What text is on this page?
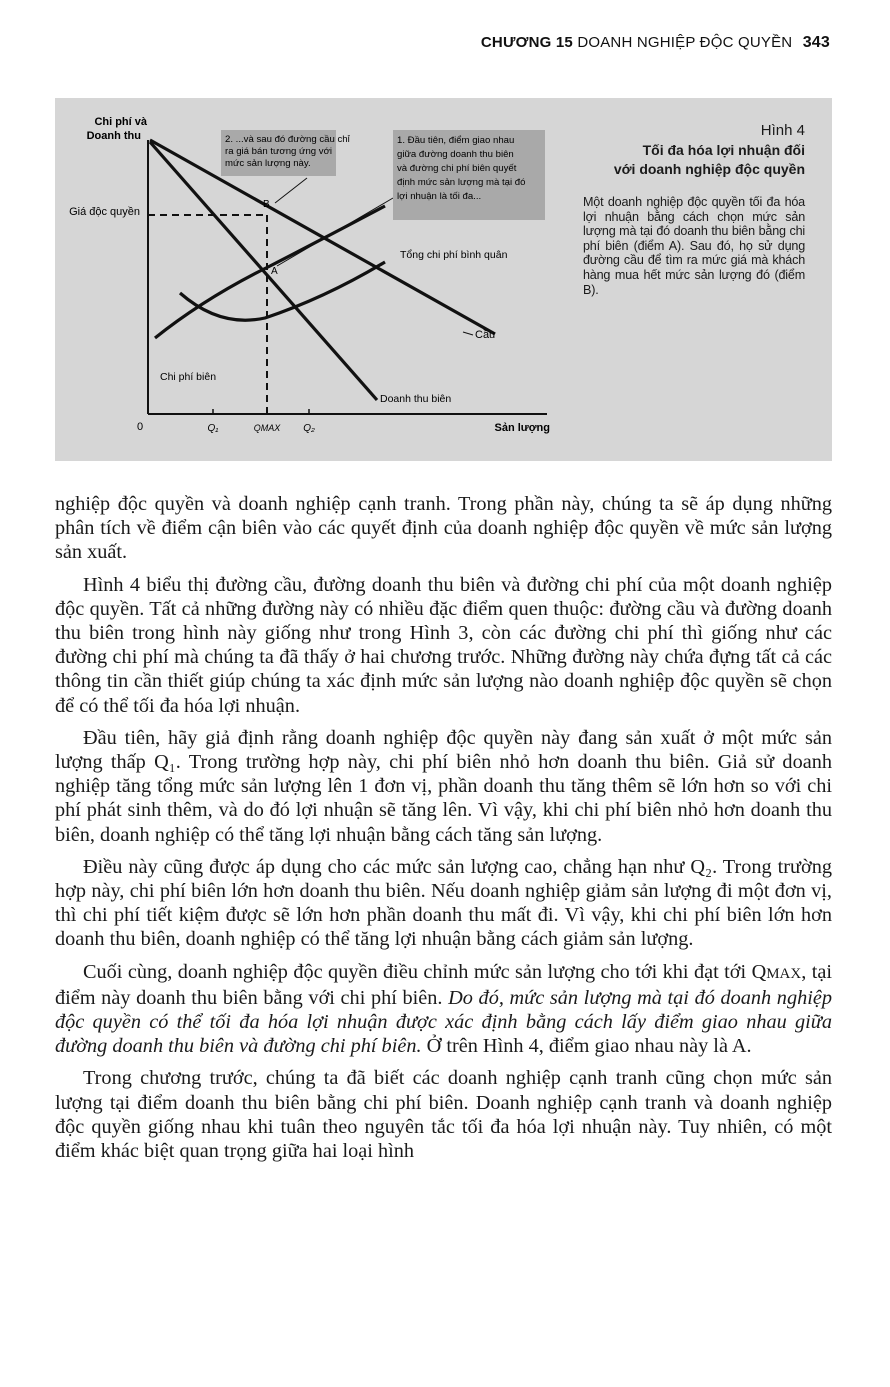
CHƯƠNG 15 DOANH NGHIỆP ĐỘC QUYỀN 343
Chi phí và
Doanh thu
Sản lượng
0
Giá độc quyền
Q₁	QMAX Q₂
B
A
Tổng chi phí bình quân
Cầu
Chi phí biên
Doanh thu biên
2. ...và sau đó đường cầu chỉ
ra giá bán tương ứng với
mức sản lượng này.
1. Đầu tiên, điểm giao nhau
giữa đường doanh thu biên
và đường chi phí biên quyết
định mức sản lượng mà tại đó
lợi nhuận là tối đa...
Hình 4
Tối đa hóa lợi nhuận đối
với doanh nghiệp độc quyền
Một doanh nghiệp độc quyền tối đa hóa lợi nhuận bằng cách chọn mức sản lượng mà tại đó doanh thu biên bằng chi phí biên (điểm A). Sau đó, họ sử dụng đường cầu để tìm ra mức giá mà khách hàng mua hết mức sản lượng đó (điểm B).

nghiệp độc quyền và doanh nghiệp cạnh tranh. Trong phần này, chúng ta sẽ áp dụng những phân tích về điểm cận biên vào các quyết định của doanh nghiệp độc quyền về mức sản lượng sản xuất.

Hình 4 biểu thị đường cầu, đường doanh thu biên và đường chi phí của một doanh nghiệp độc quyền. Tất cả những đường này có nhiều đặc điểm quen thuộc: đường cầu và đường doanh thu biên trong hình này giống như trong Hình 3, còn các đường chi phí thì giống như các đường chi phí mà chúng ta đã thấy ở hai chương trước. Những đường này chứa đựng tất cả các thông tin cần thiết giúp chúng ta xác định mức sản lượng nào doanh nghiệp độc quyền sẽ chọn để có thể tối đa hóa lợi nhuận.

Đầu tiên, hãy giả định rằng doanh nghiệp độc quyền này đang sản xuất ở một mức sản lượng thấp Q₁. Trong trường hợp này, chi phí biên nhỏ hơn doanh thu biên. Giả sử doanh nghiệp tăng tổng mức sản lượng lên 1 đơn vị, phần doanh thu tăng thêm sẽ lớn hơn so với chi phí phát sinh thêm, và do đó lợi nhuận sẽ tăng lên. Vì vậy, khi chi phí biên nhỏ hơn doanh thu biên, doanh nghiệp có thể tăng lợi nhuận bằng cách tăng sản lượng.

Điều này cũng được áp dụng cho các mức sản lượng cao, chẳng hạn như Q₂. Trong trường hợp này, chi phí biên lớn hơn doanh thu biên. Nếu doanh nghiệp giảm sản lượng đi một đơn vị, thì chi phí tiết kiệm được sẽ lớn hơn phần doanh thu mất đi. Vì vậy, khi chi phí biên lớn hơn doanh thu biên, doanh nghiệp có thể tăng lợi nhuận bằng cách giảm sản lượng.

Cuối cùng, doanh nghiệp độc quyền điều chỉnh mức sản lượng cho tới khi đạt tới QMAX, tại điểm này doanh thu biên bằng với chi phí biên. Do đó, mức sản lượng mà tại đó doanh nghiệp độc quyền có thể tối đa hóa lợi nhuận được xác định bằng cách lấy điểm giao nhau giữa đường doanh thu biên và đường chi phí biên. Ở trên Hình 4, điểm giao nhau này là A.

Trong chương trước, chúng ta đã biết các doanh nghiệp cạnh tranh cũng chọn mức sản lượng tại điểm doanh thu biên bằng chi phí biên. Doanh nghiệp cạnh tranh và doanh nghiệp độc quyền giống nhau khi tuân theo nguyên tắc tối đa hóa lợi nhuận này. Tuy nhiên, có một điểm khác biệt quan trọng giữa hai loại hình
